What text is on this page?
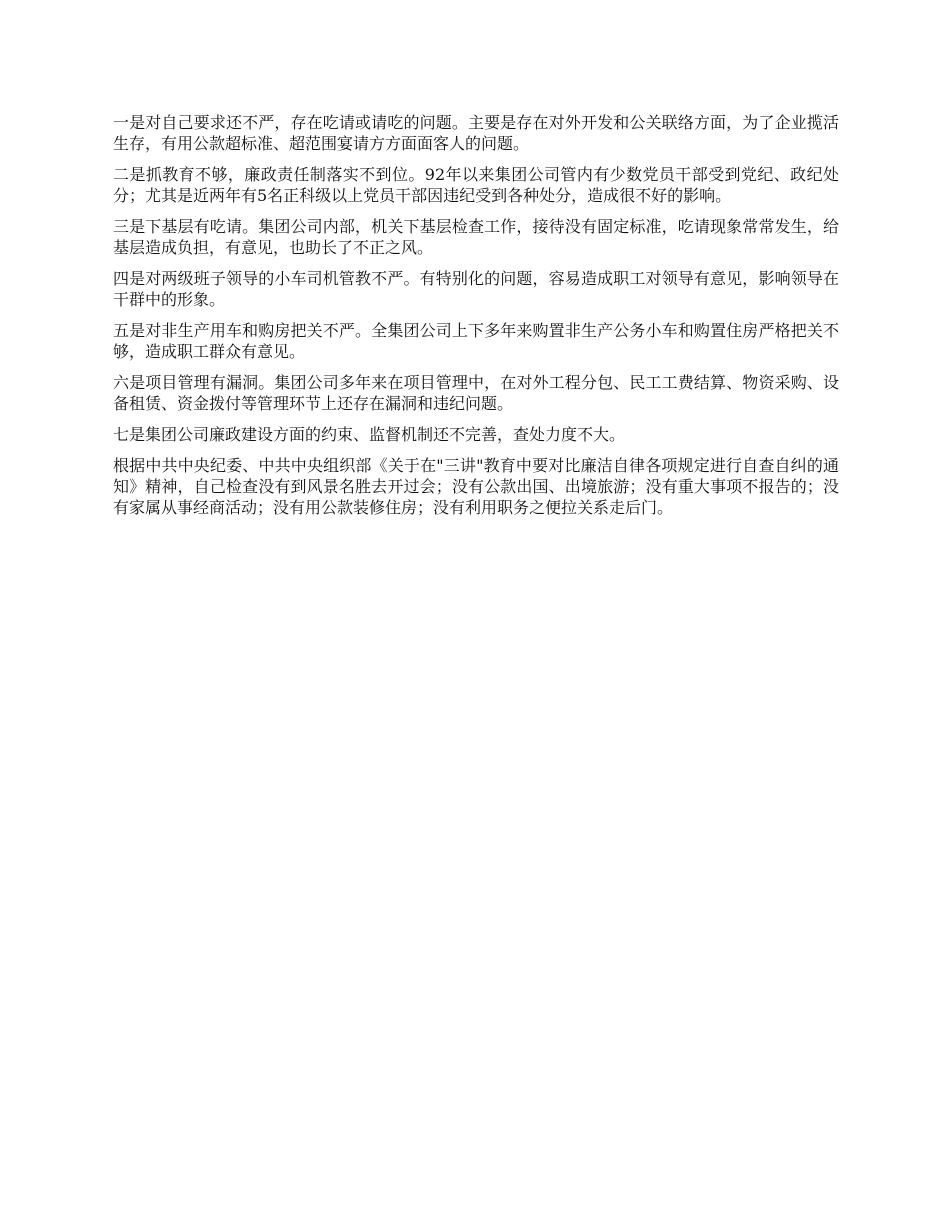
一是对自己要求还不严，存在吃请或请吃的问题。主要是存在对外开发和公关联络方面，为了企业揽活生存，有用公款超标准、超范围宴请方方面面客人的问题。

二是抓教育不够，廉政责任制落实不到位。92年以来集团公司管内有少数党员干部受到党纪、政纪处分；尤其是近两年有5名正科级以上党员干部因违纪受到各种处分，造成很不好的影响。

三是下基层有吃请。集团公司内部，机关下基层检查工作，接待没有固定标准，吃请现象常常发生，给基层造成负担，有意见，也助长了不正之风。

四是对两级班子领导的小车司机管教不严。有特别化的问题，容易造成职工对领导有意见，影响领导在干群中的形象。

五是对非生产用车和购房把关不严。全集团公司上下多年来购置非生产公务小车和购置住房严格把关不够，造成职工群众有意见。

六是项目管理有漏洞。集团公司多年来在项目管理中，在对外工程分包、民工工费结算、物资采购、设备租赁、资金拨付等管理环节上还存在漏洞和违纪问题。

七是集团公司廉政建设方面的约束、监督机制还不完善，查处力度不大。

根据中共中央纪委、中共中央组织部《关于在"三讲"教育中要对比廉洁自律各项规定进行自查自纠的通知》精神，自己检查没有到风景名胜去开过会；没有公款出国、出境旅游；没有重大事项不报告的；没有家属从事经商活动；没有用公款装修住房；没有利用职务之便拉关系走后门。
